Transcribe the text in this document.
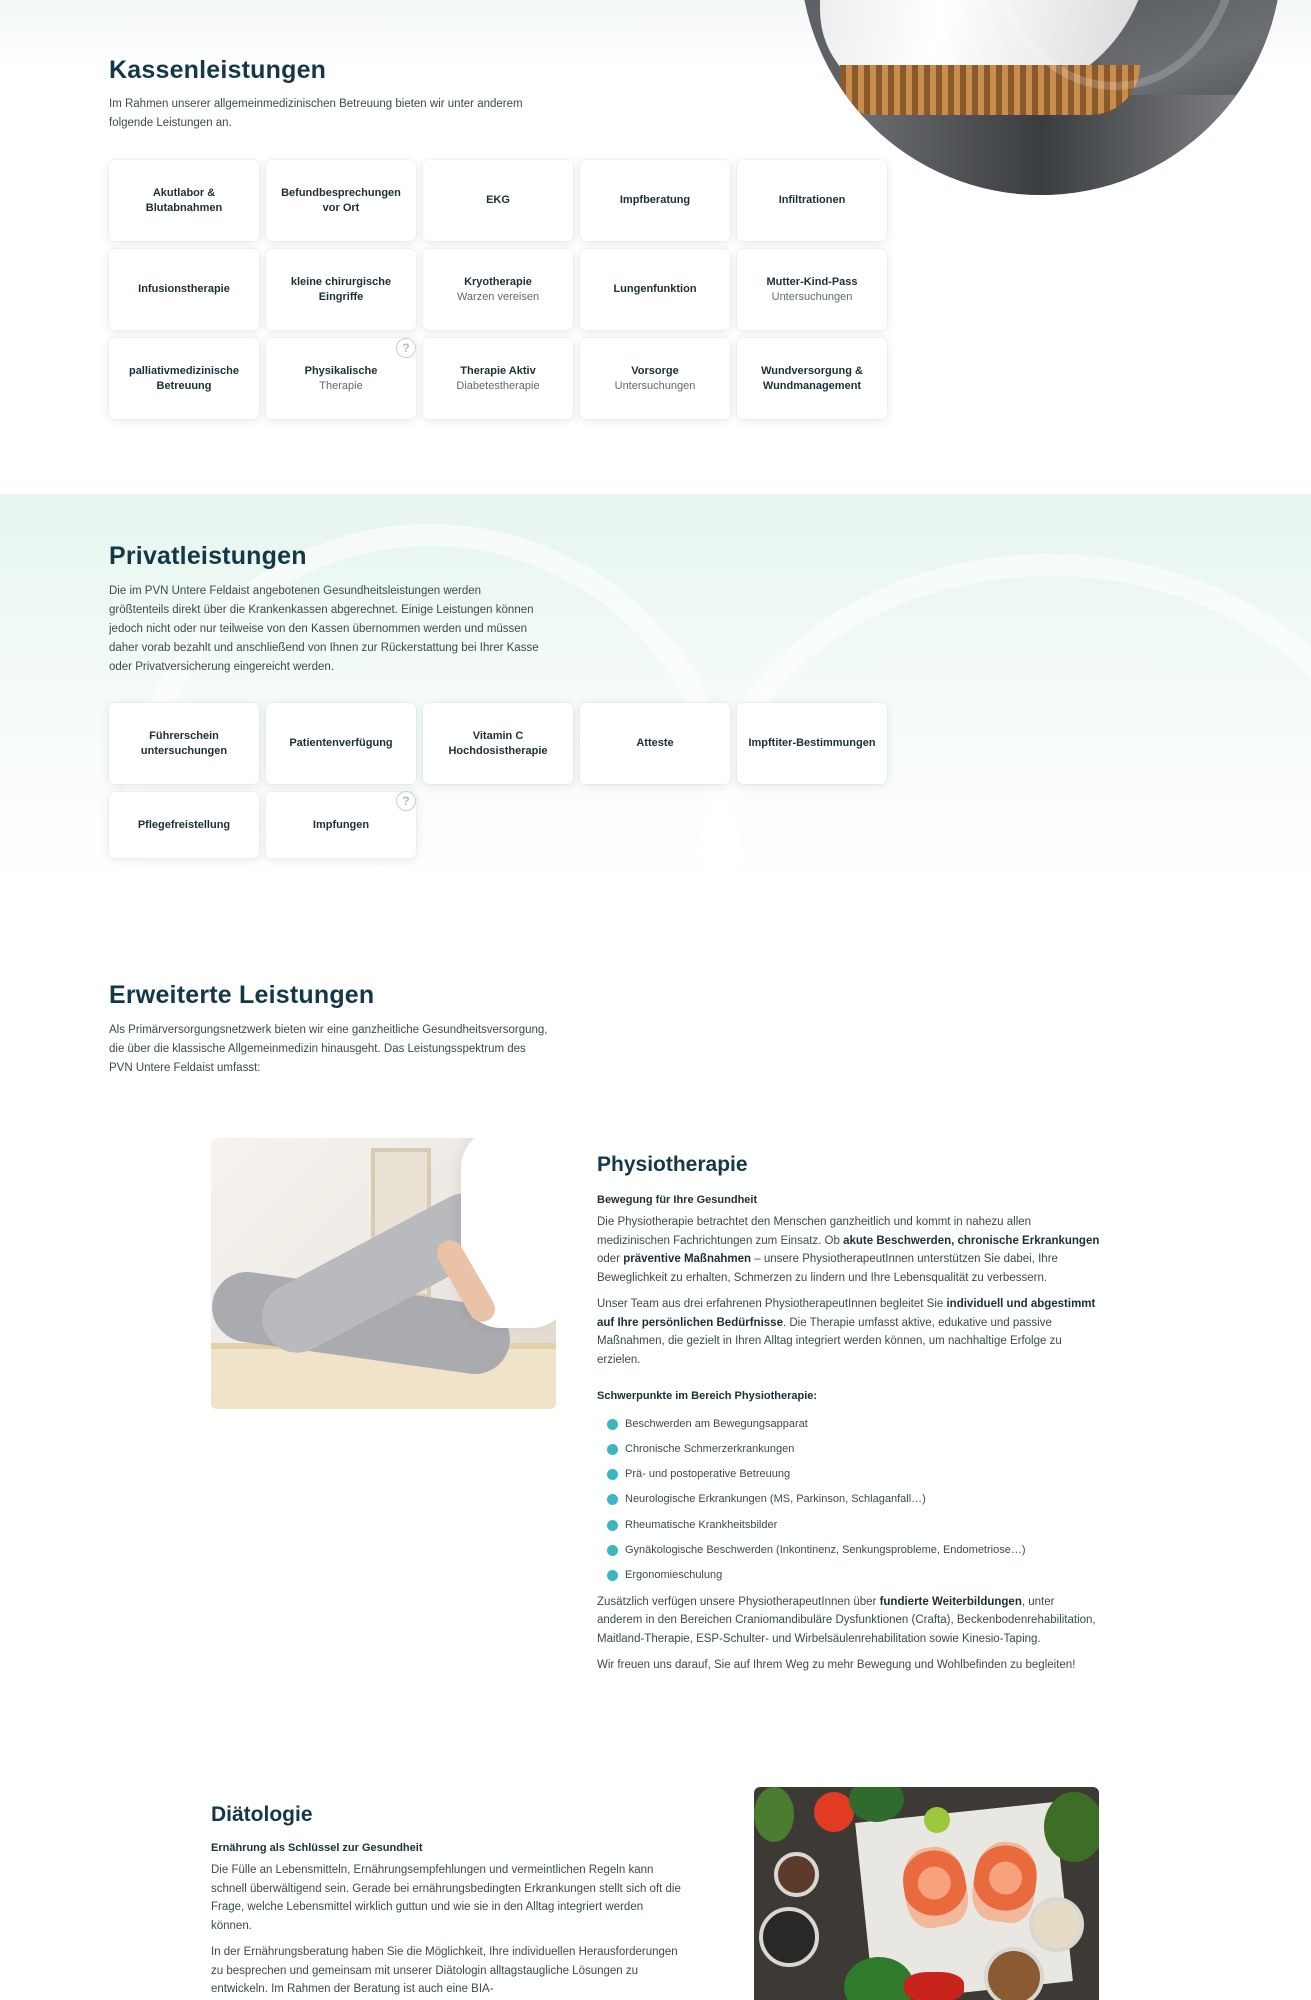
Kassenleistungen

Im Rahmen unserer allgemeinmedizinischen Betreuung bieten wir unter anderem folgende Leistungen an.

Akutlabor & Blutabnahmen
Befundbesprechungen vor Ort
EKG	Impfberatung	Infiltrationen
Infusionstherapie
kleine chirurgische Eingriffe
Kryotherapie
Warzen vereisen
Lungenfunktion
Mutter-Kind-Pass
Untersuchungen
palliativmedizinische Betreuung
Physikalische
Therapie
Therapie Aktiv
Diabetestherapie
Vorsorge
Untersuchungen
Wundversorgung & Wundmanagement
?
Privatleistungen

Die im PVN Untere Feldaist angebotenen Gesundheitsleistungen werden größtenteils direkt über die Krankenkassen abgerechnet. Einige Leistungen können jedoch nicht oder nur teilweise von den Kassen übernommen werden und müssen daher vorab bezahlt und anschließend von Ihnen zur Rückerstattung bei Ihrer Kasse oder Privatversicherung eingereicht werden.

Führerschein untersuchungen
Patientenverfügung
Vitamin C Hochdosistherapie
Atteste	Impftiter-Bestimmungen
Pflegefreistellung	Impfungen
?
Erweiterte Leistungen

Als Primärversorgungsnetzwerk bieten wir eine ganzheitliche Gesundheitsversorgung, die über die klassische Allgemeinmedizin hinausgeht. Das Leistungsspektrum des PVN Untere Feldaist umfasst:

Physiotherapie

Bewegung für Ihre Gesundheit

Die Physiotherapie betrachtet den Menschen ganzheitlich und kommt in nahezu allen medizinischen Fachrichtungen zum Einsatz. Ob akute Beschwerden, chronische Erkrankungen oder präventive Maßnahmen – unsere PhysiotherapeutInnen unterstützen Sie dabei, Ihre Beweglichkeit zu erhalten, Schmerzen zu lindern und Ihre Lebensqualität zu verbessern.

Unser Team aus drei erfahrenen PhysiotherapeutInnen begleitet Sie individuell und abgestimmt auf Ihre persönlichen Bedürfnisse. Die Therapie umfasst aktive, edukative und passive Maßnahmen, die gezielt in Ihren Alltag integriert werden können, um nachhaltige Erfolge zu erzielen.

Schwerpunkte im Bereich Physiotherapie:

Beschwerden am Bewegungsapparat
Chronische Schmerzerkrankungen
Prä- und postoperative Betreuung
Neurologische Erkrankungen (MS, Parkinson, Schlaganfall…)
Rheumatische Krankheitsbilder
Gynäkologische Beschwerden (Inkontinenz, Senkungsprobleme, Endometriose…)
Ergonomieschulung

Zusätzlich verfügen unsere PhysiotherapeutInnen über fundierte Weiterbildungen, unter anderem in den Bereichen Craniomandibuläre Dysfunktionen (Crafta), Beckenbodenrehabilitation, Maitland-Therapie, ESP-Schulter- und Wirbelsäulenrehabilitation sowie Kinesio-Taping.

Wir freuen uns darauf, Sie auf Ihrem Weg zu mehr Bewegung und Wohlbefinden zu begleiten!

Diätologie

Ernährung als Schlüssel zur Gesundheit

Die Fülle an Lebensmitteln, Ernährungsempfehlungen und vermeintlichen Regeln kann schnell überwältigend sein. Gerade bei ernährungsbedingten Erkrankungen stellt sich oft die Frage, welche Lebensmittel wirklich guttun und wie sie in den Alltag integriert werden können.

In der Ernährungsberatung haben Sie die Möglichkeit, Ihre individuellen Herausforderungen zu besprechen und gemeinsam mit unserer Diätologin alltagstaugliche Lösungen zu entwickeln. Im Rahmen der Beratung ist auch eine BIA-
